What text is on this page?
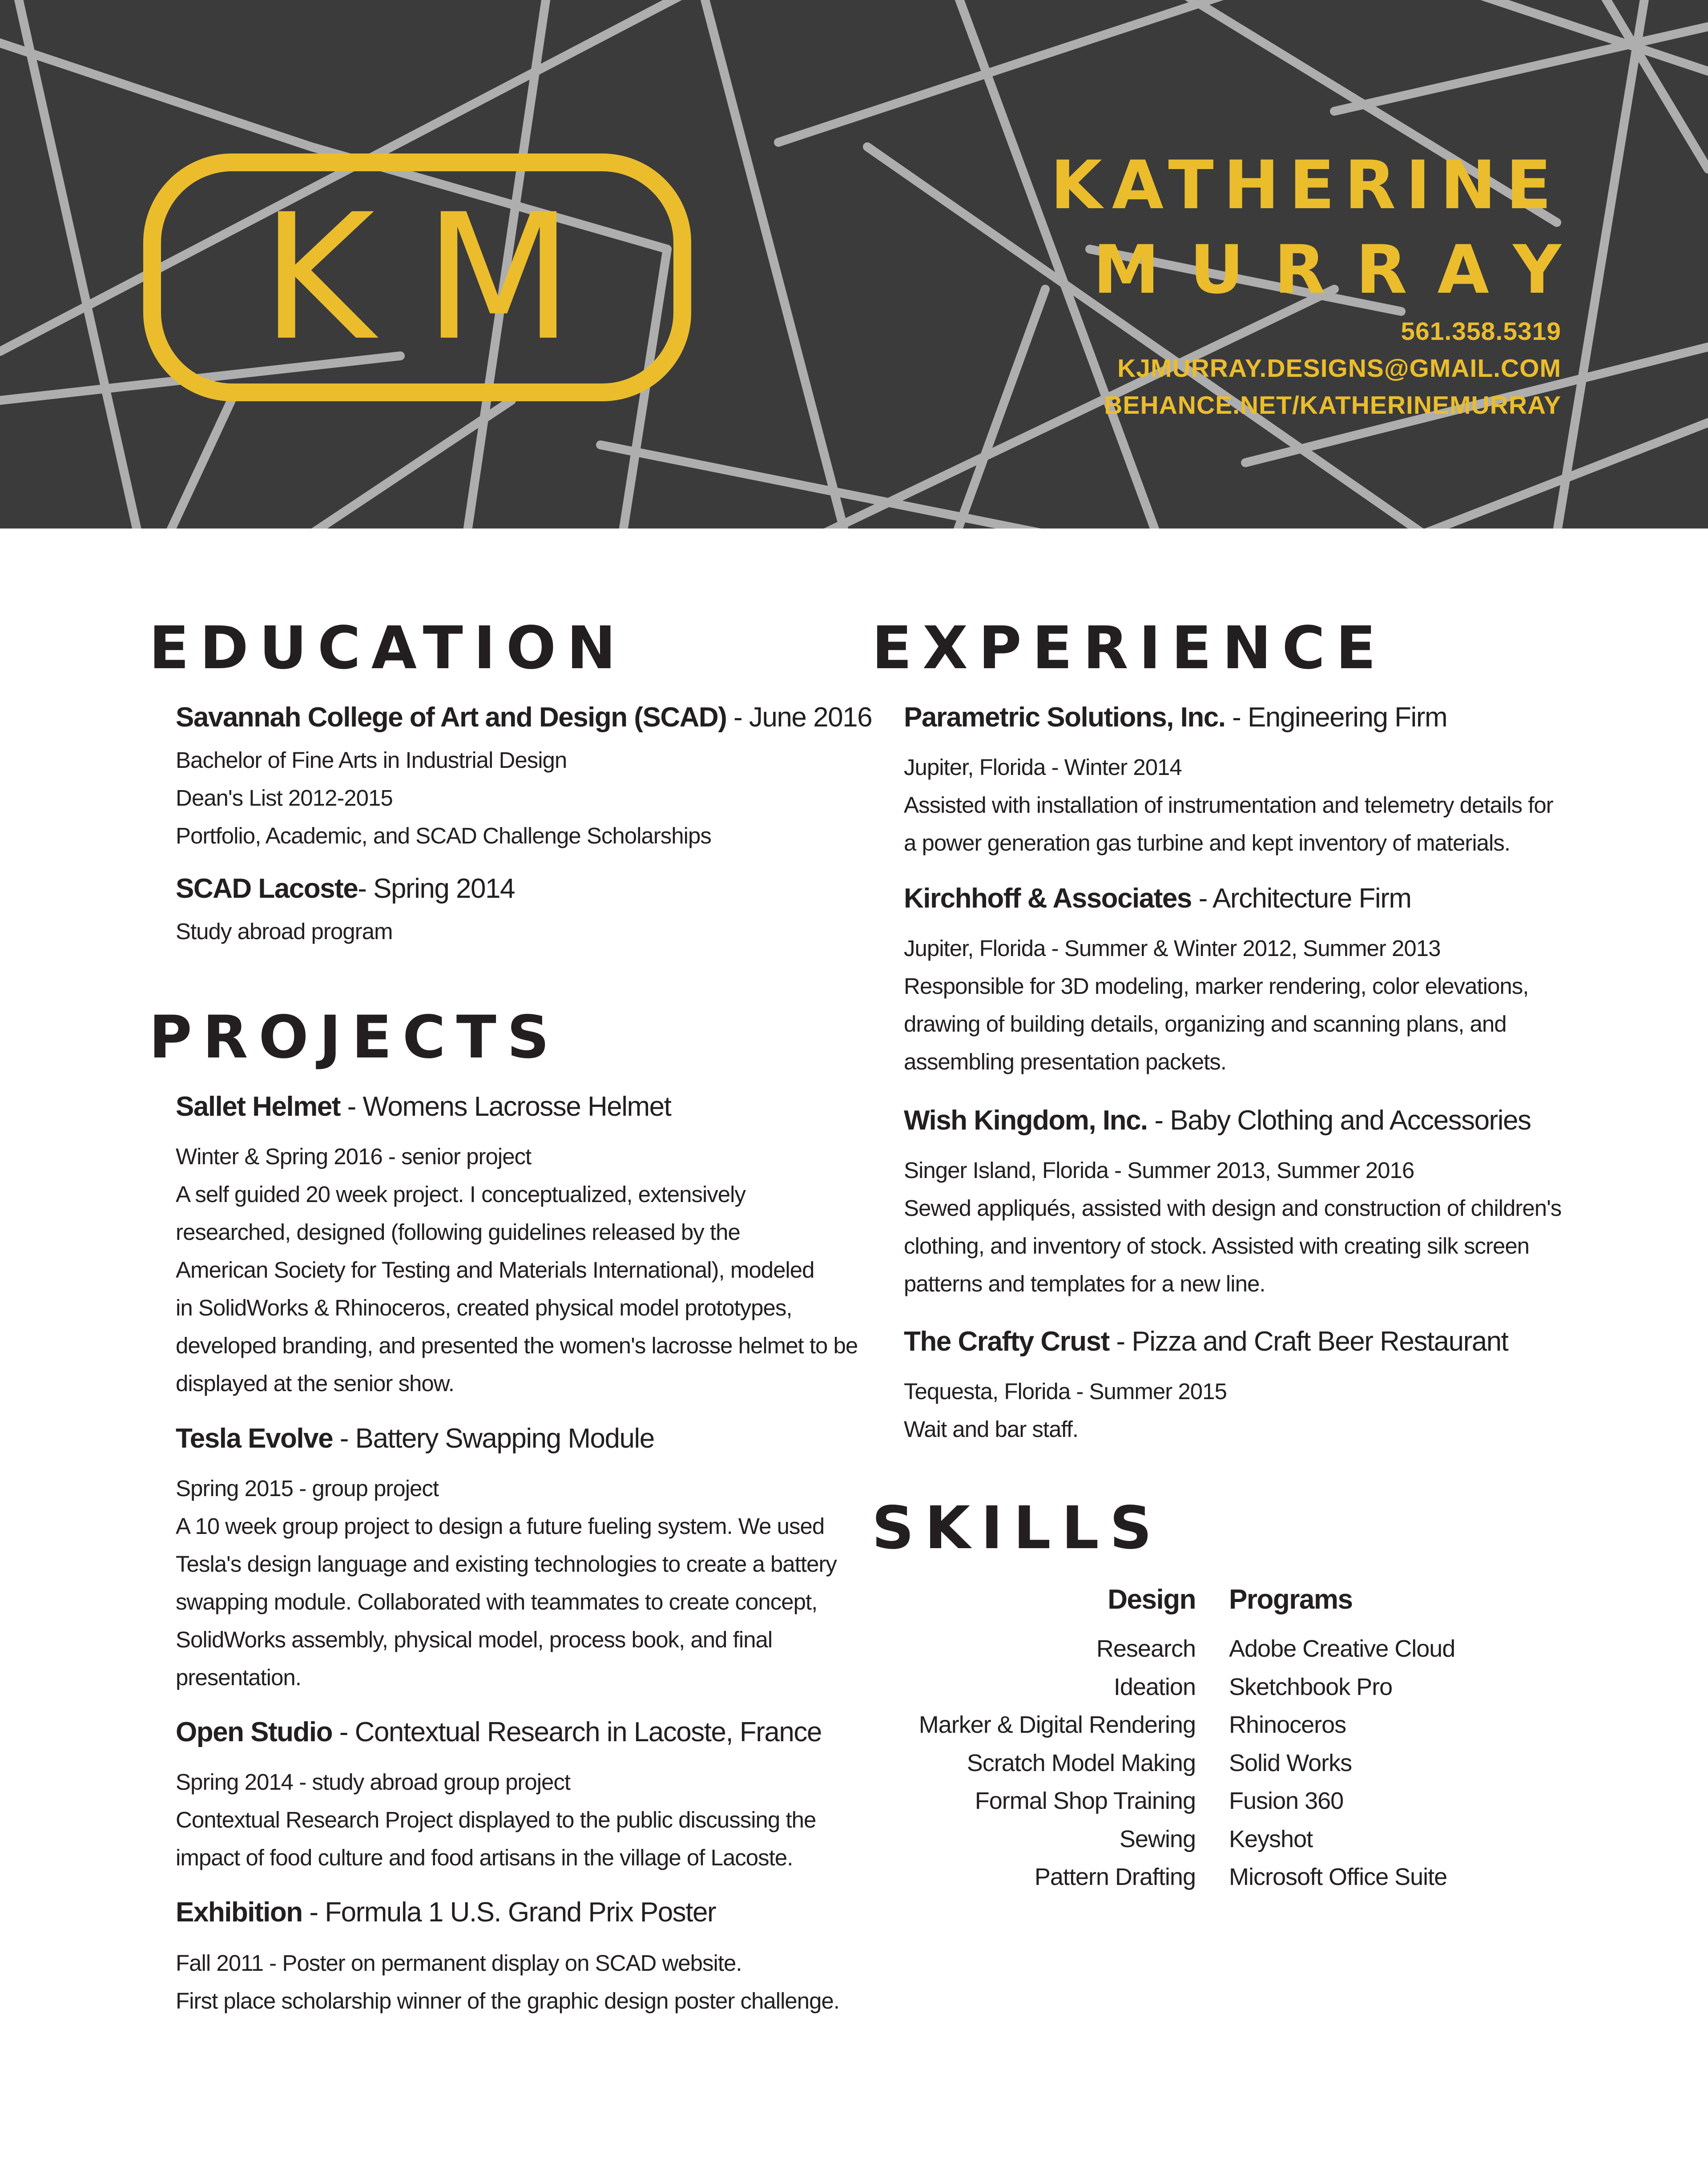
KM	KATHERINE
MURRAY
561.358.5319
KJMURRAY.DESIGNS@GMAIL.COM
BEHANCE.NET/KATHERINEMURRAY
EDUCATION
Savannah College of Art and Design (SCAD) - June 2016
Bachelor of Fine Arts in Industrial Design
Dean's List 2012-2015
Portfolio, Academic, and SCAD Challenge Scholarships
SCAD Lacoste- Spring 2014
Study abroad program
PROJECTS
Sallet Helmet - Womens Lacrosse Helmet
Winter & Spring 2016 - senior project
A self guided 20 week project. I conceptualized, extensively
researched, designed (following guidelines released by the
American Society for Testing and Materials International), modeled
in SolidWorks & Rhinoceros, created physical model prototypes,
developed branding, and presented the women's lacrosse helmet to be
displayed at the senior show.
Tesla Evolve - Battery Swapping Module
Spring 2015 - group project
A 10 week group project to design a future fueling system. We used
Tesla's design language and existing technologies to create a battery
swapping module. Collaborated with teammates to create concept,
SolidWorks assembly, physical model, process book, and final
presentation.
Open Studio - Contextual Research in Lacoste, France
Spring 2014 - study abroad group project
Contextual Research Project displayed to the public discussing the
impact of food culture and food artisans in the village of Lacoste.
Exhibition - Formula 1 U.S. Grand Prix Poster
Fall 2011 - Poster on permanent display on SCAD website.
First place scholarship winner of the graphic design poster challenge.
EXPERIENCE
Parametric Solutions, Inc. - Engineering Firm
Jupiter, Florida - Winter 2014
Assisted with installation of instrumentation and telemetry details for
a power generation gas turbine and kept inventory of materials.
Kirchhoff & Associates - Architecture Firm
Jupiter, Florida - Summer & Winter 2012, Summer 2013
Responsible for 3D modeling, marker rendering, color elevations,
drawing of building details, organizing and scanning plans, and
assembling presentation packets.
Wish Kingdom, Inc. - Baby Clothing and Accessories
Singer Island, Florida - Summer 2013, Summer 2016
Sewed appliqués, assisted with design and construction of children's
clothing, and inventory of stock. Assisted with creating silk screen
patterns and templates for a new line.
The Crafty Crust - Pizza and Craft Beer Restaurant
Tequesta, Florida - Summer 2015
Wait and bar staff.
SKILLS
Design
Research
Ideation
Marker & Digital Rendering
Scratch Model Making
Formal Shop Training
Sewing
Pattern Drafting
Programs
Adobe Creative Cloud
Sketchbook Pro
Rhinoceros
Solid Works
Fusion 360
Keyshot
Microsoft Office Suite
